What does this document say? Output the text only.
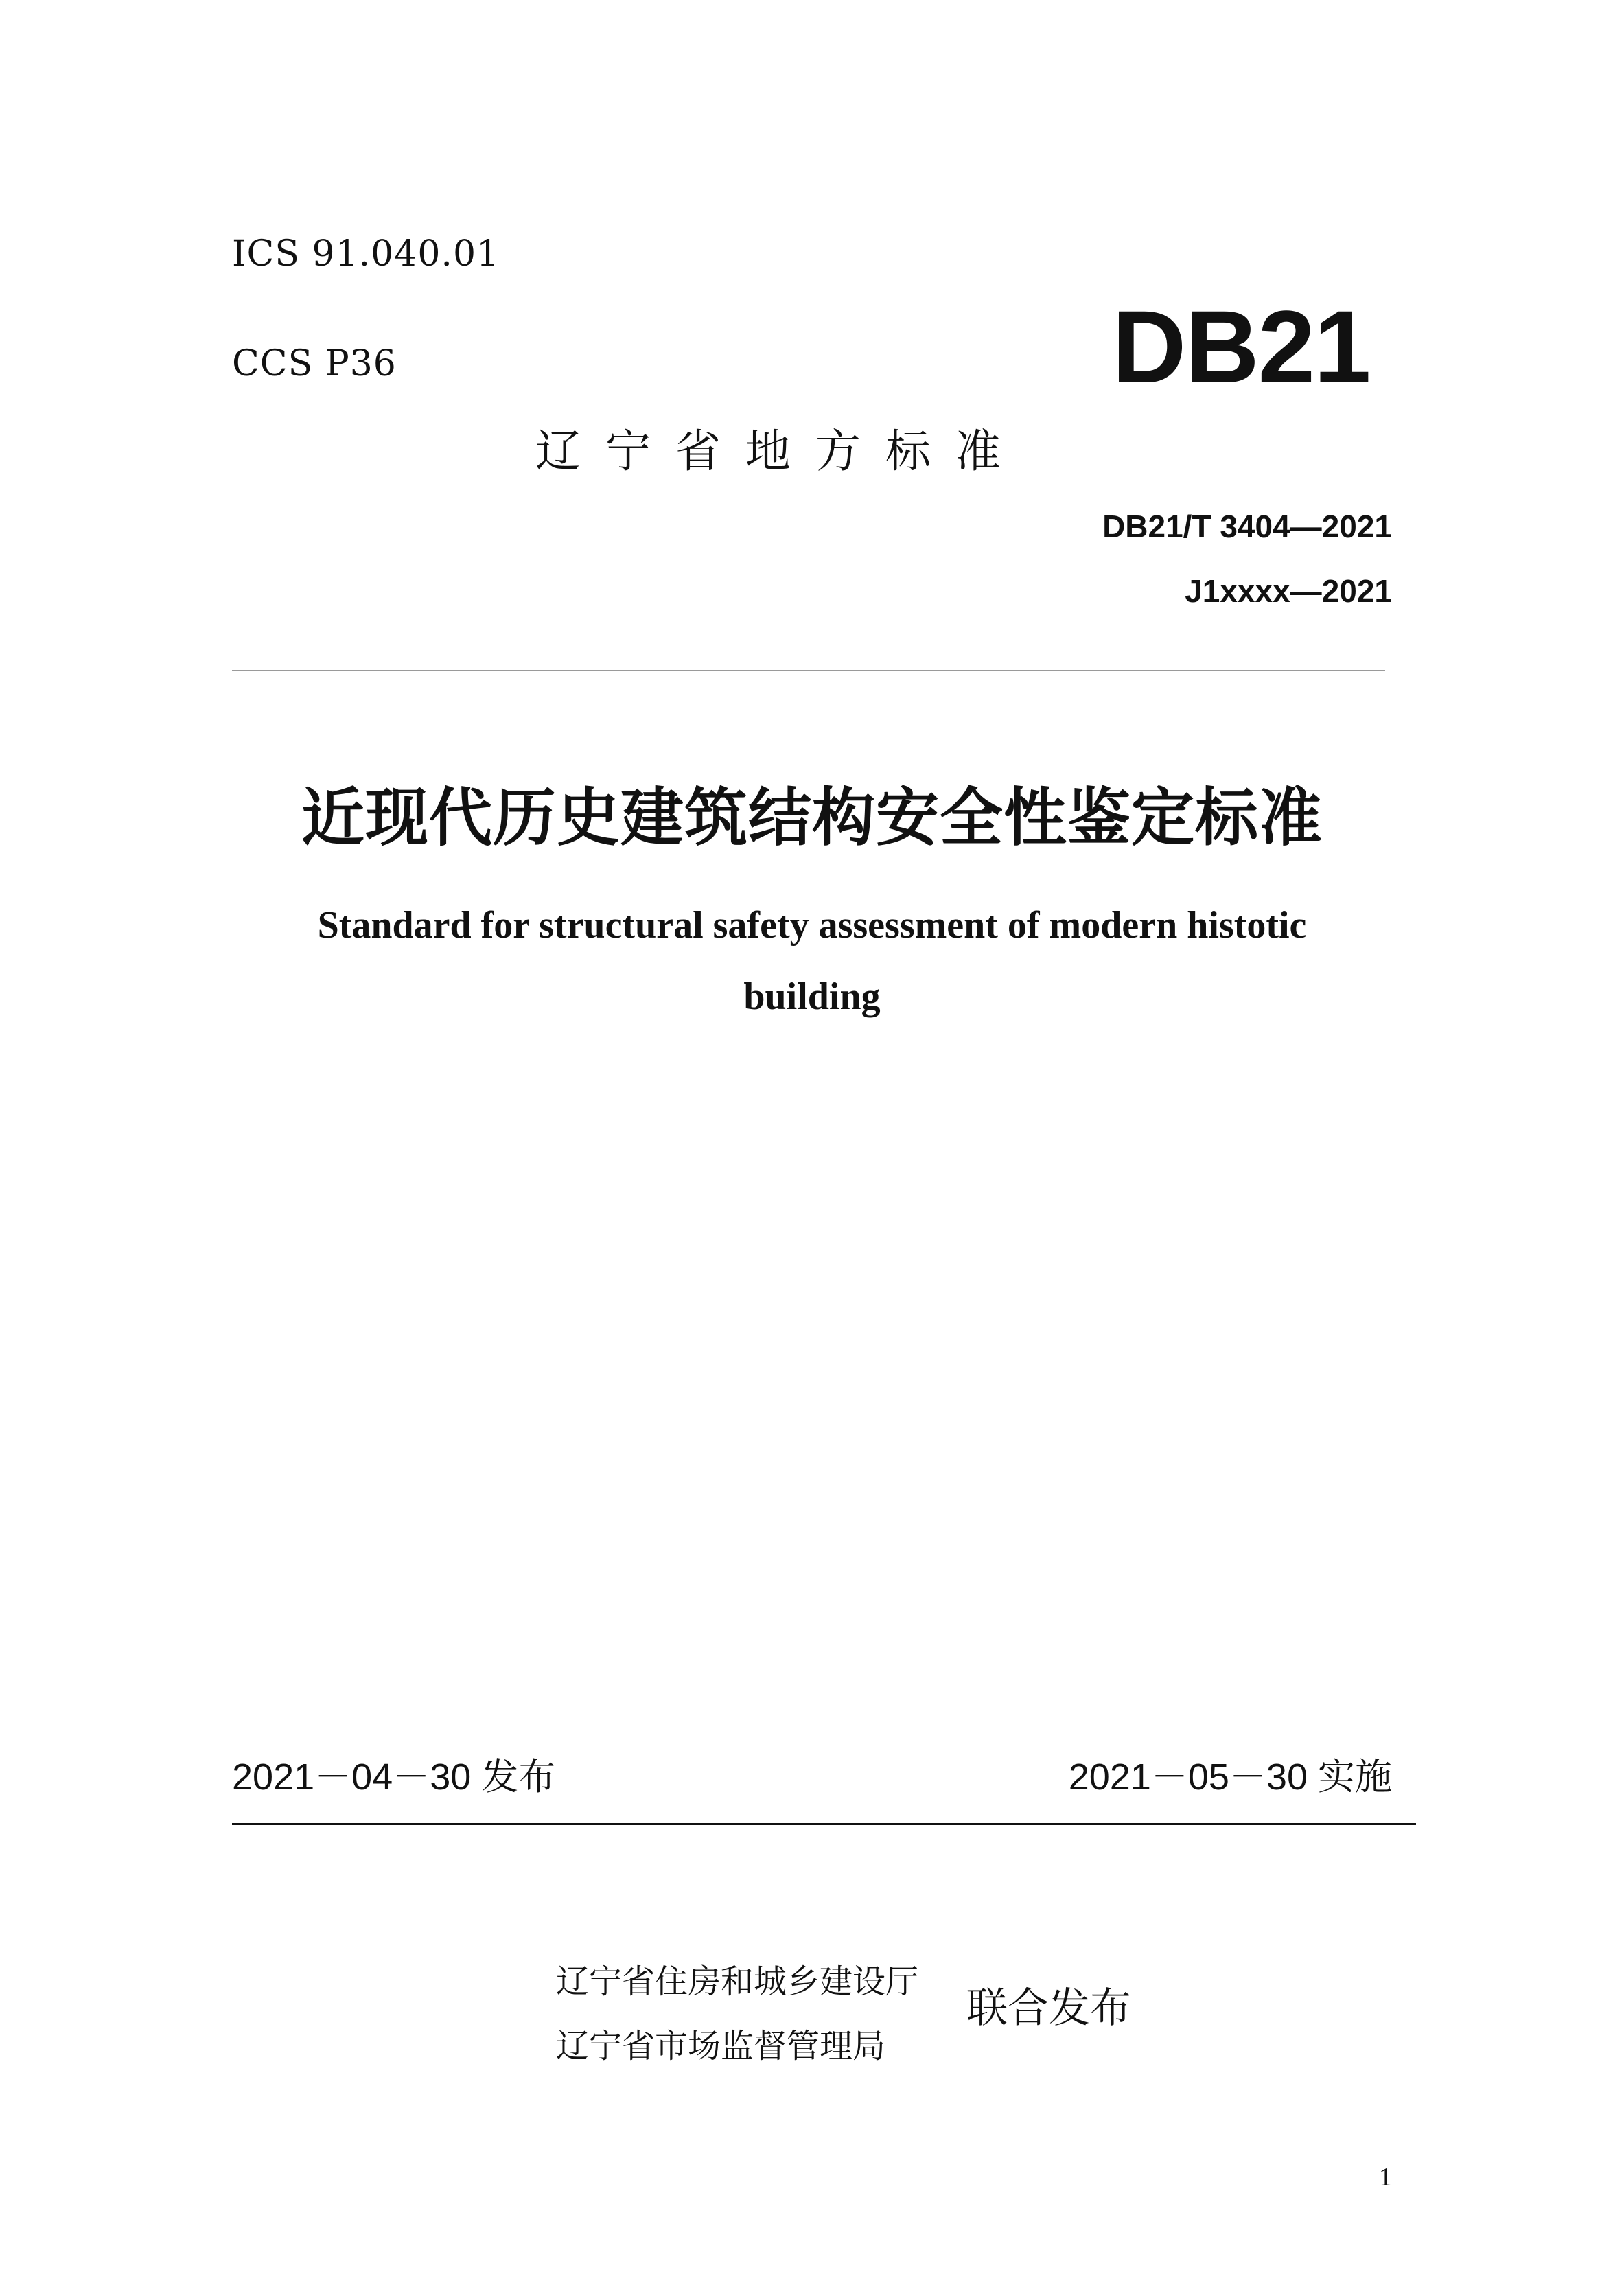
ICS 91.040.01
CCS P36	DB21
辽宁省地方标准
DB21/T 3404—2021
J1xxxx—2021
近现代历史建筑结构安全性鉴定标准
Standard for structural safety assessment of modern histotic building
2021－04－30 发布	2021－05－30 实施
辽宁省住房和城乡建设厅
辽宁省市场监督管理局
联合发布
1
